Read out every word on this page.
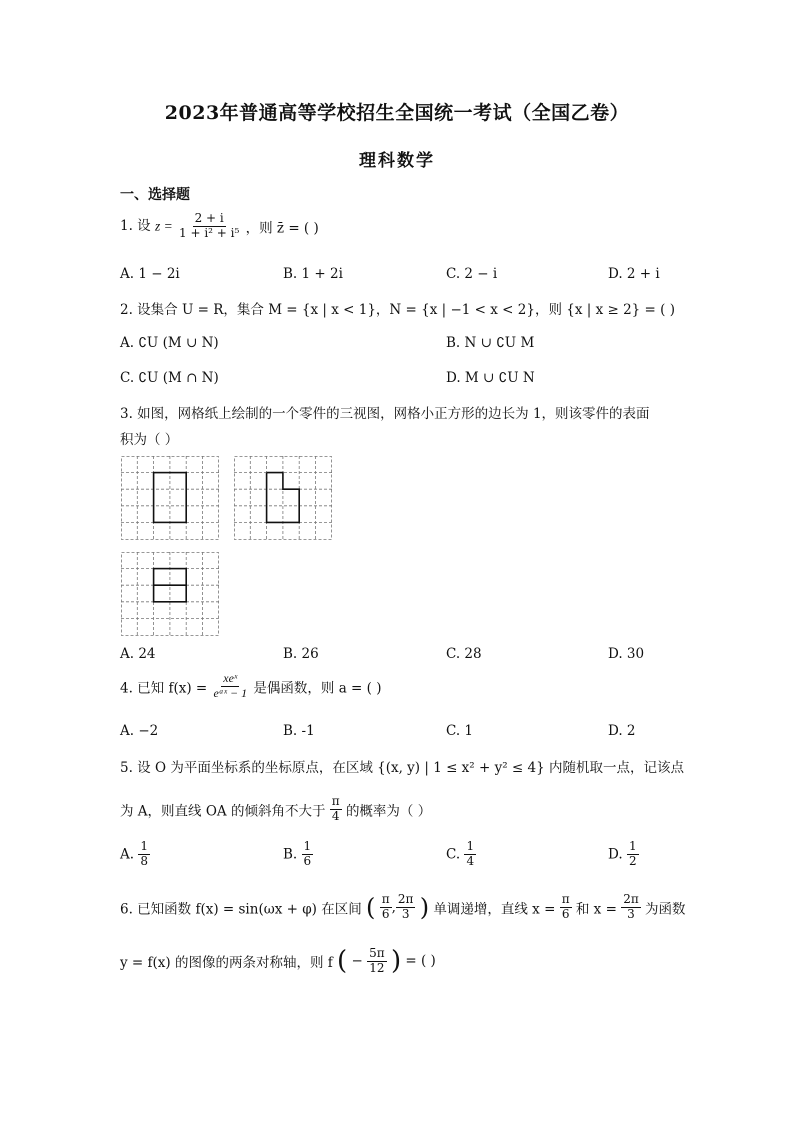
2023年普通高等学校招生全国统一考试（全国乙卷）
理科数学
一、选择题
1. 设 $z = \frac{2 + i}{\text{1 + i² + i⁵}}$ ，则 z̄ = ( )
A. 1 − 2i	B. 1 + 2i	C. 2 − i	D. 2 + i
2. 设集合 U = R，集合 M = {x | x < 1}，N = {x | −1 < x < 2}，则 {x | x ≥ 2} = ( )
A. ∁U (M ∪ N)	B. N ∪ ∁U M
C. ∁U (M ∩ N)	D. M ∪ ∁U N
3. 如图，网格纸上绘制的一个零件的三视图，网格小正方形的边长为 1，则该零件的表面
积为（ ）
A. 24	B. 26	C. 28	D. 30
4. 已知 $f(x) = \frac{\text{xeˣ}}{\text{eᵃˣ − 1}}$ 是偶函数，则 a = ( )
A. −2	B. -1	C. 1	D. 2
5. 设 O 为平面坐标系的坐标原点，在区域 {(x, y) | 1 ≤ x² + y² ≤ 4} 内随机取一点，记该点
为 A，则直线 OA 的倾斜角不大于 $\frac{\pi}{4}$ 的概率为（ ）
A. $\frac{1}{8}$	B. $\frac{1}{6}$	C. $\frac{1}{4}$	D. $\frac{1}{2}$
6. 已知函数 f(x) = sin(ωx + φ) 在区间 ( $\frac{\pi}{6}$ , $\frac{2\pi}{3}$ ) 单调递增，直线 $x = \frac{\pi}{6}$ 和 $x = \frac{2\pi}{3}$ 为函数
y = f(x) 的图像的两条对称轴，则 f ( − $\frac{5\pi}{12}$ ) = ( )
